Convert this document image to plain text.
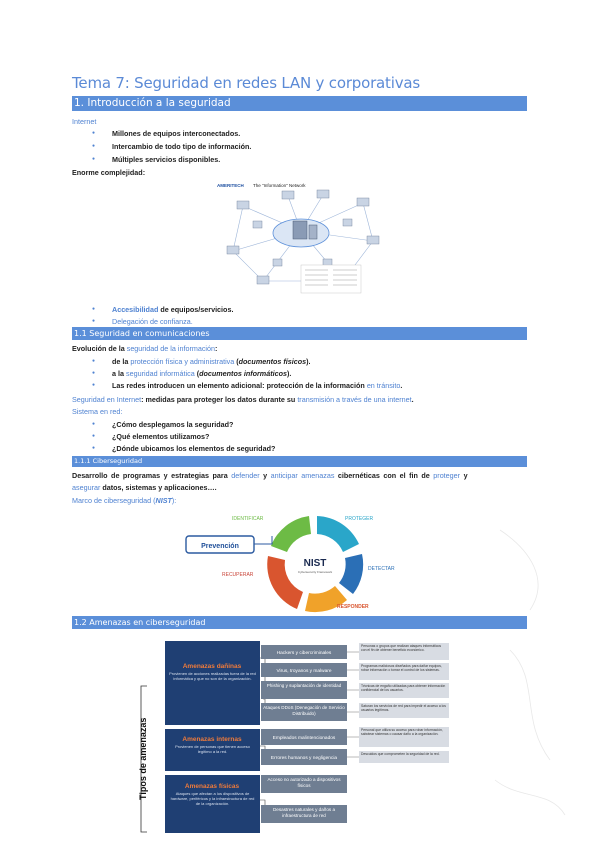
Tema 7: Seguridad en redes LAN y corporativas
1. Introducción a la seguridad
Internet
● Millones de equipos interconectados.
● Intercambio de todo tipo de información.
● Múltiples servicios disponibles.
Enorme complejidad:
AMERITECH The "Information" Network
● Accesibilidad de equipos/servicios.
● Delegación de confianza.
1.1 Seguridad en comunicaciones
Evolución de la seguridad de la información:
● de la protección física y administrativa (documentos físicos).
● a la seguridad informática (documentos informáticos).
● Las redes introducen un elemento adicional: protección de la información en tránsito.
Seguridad en Internet: medidas para proteger los datos durante su transmisión a través de una internet.
Sistema en red:
● ¿Cómo desplegamos la seguridad?
● ¿Qué elementos utilizamos?
● ¿Dónde ubicamos los elementos de seguridad?
1.1.1 Ciberseguridad
Desarrollo de programas y estrategias para defender y anticipar amenazas cibernéticas con el fin de proteger y
asegurar datos, sistemas y aplicaciones….
Marco de ciberseguridad (NIST):
NIST
Cybersecurity Framework
IDENTIFICAR	PROTEGER
DETECTAR
RESPONDER
RECUPERAR
Prevención
1.2 Amenazas en ciberseguridad
Tipos de amenazas
Amenazas dañinas
Provienen de acciones realizadas fuera de la red informática y que no son de la organización.
Amenazas internas
Provienen de personas que tienen acceso legítimo a la red.
Amenazas físicas
Ataques que afectan a los dispositivos de hardware, periféricos y la infraestructura de red de la organización.
Hackers y cibercriminales
Virus, troyanos y malware
Phishing y suplantación de identidad
Ataques DDoS (Denegación de Servicio Distribuido)
Empleados malintencionados
Errores humanos y negligencia
Acceso no autorizado a dispositivos físicos
Desastres naturales y daños a infraestructura de red
Personas o grupos que realizan ataques informáticos con el fin de obtener beneficio económico.
Programas maliciosos diseñados para dañar equipos, robar información o tomar el control de los sistemas.
Técnicas de engaño utilizadas para obtener información confidencial de los usuarios.
Saturan los servicios de red para impedir el acceso a los usuarios legítimos.
Personal que utiliza su acceso para robar información, sabotear sistemas o causar daño a la organización.
Descuidos que comprometen la seguridad de la red.
